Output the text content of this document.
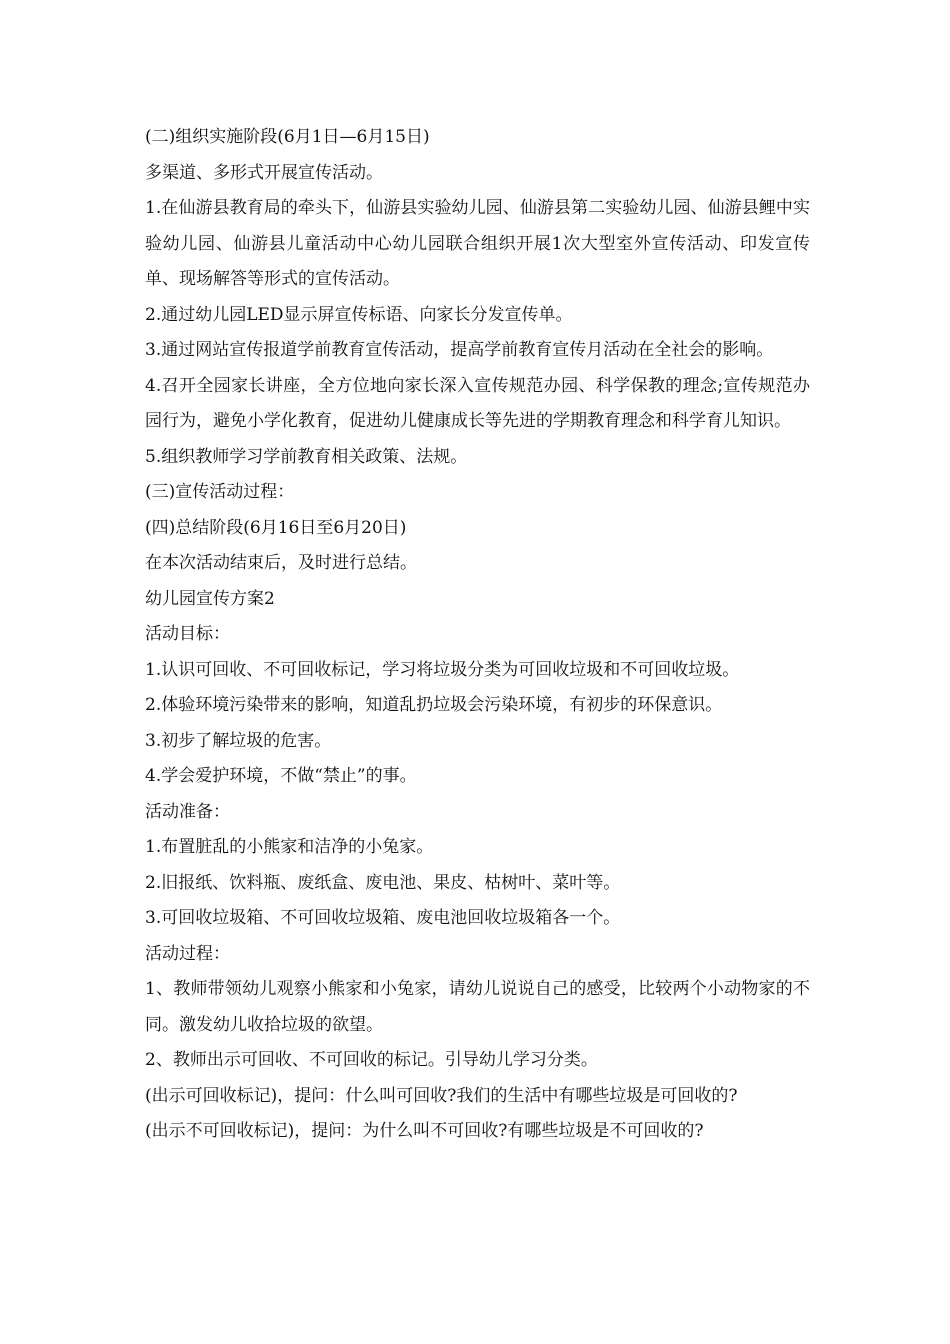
(二)组织实施阶段(6月1日—6月15日)

多渠道、多形式开展宣传活动。

1.在仙游县教育局的牵头下，仙游县实验幼儿园、仙游县第二实验幼儿园、仙游县鲤中实验幼儿园、仙游县儿童活动中心幼儿园联合组织开展1次大型室外宣传活动、印发宣传单、现场解答等形式的宣传活动。

2.通过幼儿园LED显示屏宣传标语、向家长分发宣传单。

3.通过网站宣传报道学前教育宣传活动，提高学前教育宣传月活动在全社会的影响。

4.召开全园家长讲座，全方位地向家长深入宣传规范办园、科学保教的理念;宣传规范办园行为，避免小学化教育，促进幼儿健康成长等先进的学期教育理念和科学育儿知识。

5.组织教师学习学前教育相关政策、法规。

(三)宣传活动过程：

(四)总结阶段(6月16日至6月20日)

在本次活动结束后，及时进行总结。

幼儿园宣传方案2

活动目标：

1.认识可回收、不可回收标记，学习将垃圾分类为可回收垃圾和不可回收垃圾。

2.体验环境污染带来的影响，知道乱扔垃圾会污染环境，有初步的环保意识。

3.初步了解垃圾的危害。

4.学会爱护环境，不做“禁止”的事。

活动准备：

1.布置脏乱的小熊家和洁净的小兔家。

2.旧报纸、饮料瓶、废纸盒、废电池、果皮、枯树叶、菜叶等。

3.可回收垃圾箱、不可回收垃圾箱、废电池回收垃圾箱各一个。

活动过程：

1、教师带领幼儿观察小熊家和小兔家，请幼儿说说自己的感受，比较两个小动物家的不同。激发幼儿收拾垃圾的欲望。

2、教师出示可回收、不可回收的标记。引导幼儿学习分类。

(出示可回收标记)，提问：什么叫可回收?我们的生活中有哪些垃圾是可回收的?

(出示不可回收标记)，提问：为什么叫不可回收?有哪些垃圾是不可回收的?
